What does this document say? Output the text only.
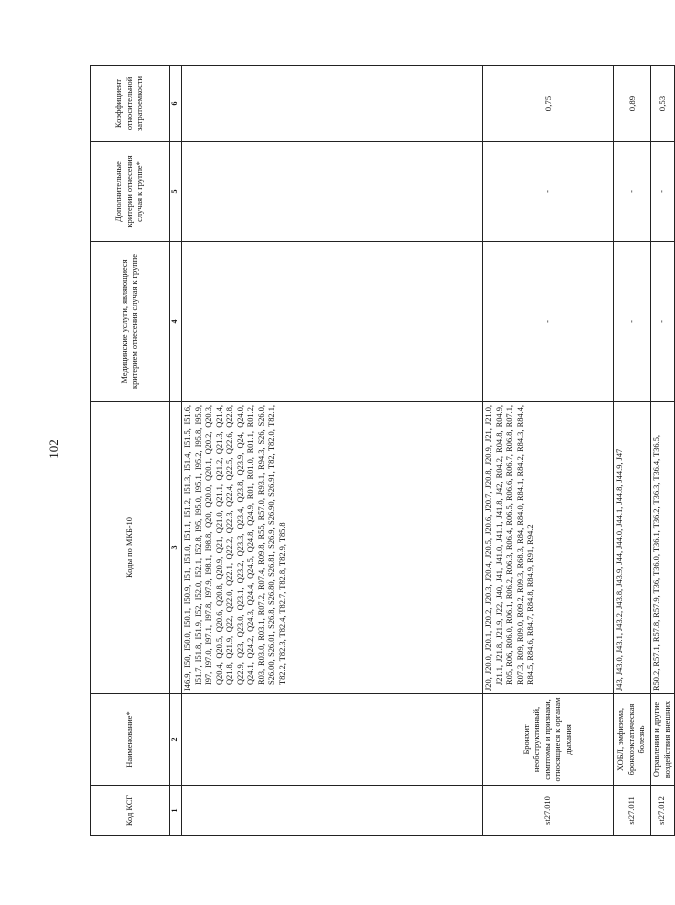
102
Код КСГ	Наименование*	Коды по МКБ-10	Медицинские услуги, являющиеся критерием отнесения случая к группе	Дополнительные критерии отнесения случая к группе*	Коэффициент относительной затратоемкости
1	2	3	4	5	6
		I46.9, I50, I50.0, I50.1, I50.9, I51, I51.0, I51.1, I51.2, I51.3, I51.4, I51.5, I51.6, I51.7, I51.8, I51.9, I52, I52.0, I52.1, I52.8, I95, I95.0, I95.1, I95.2, I95.8, I95.9, I97, I97.0, I97.1, I97.8, I97.9, I98.1, I98.8, Q20, Q20.0, Q20.1, Q20.2, Q20.3, Q20.4, Q20.5, Q20.6, Q20.8, Q20.9, Q21, Q21.0, Q21.1, Q21.2, Q21.3, Q21.4, Q21.8, Q21.9, Q22, Q22.0, Q22.1, Q22.2, Q22.3, Q22.4, Q22.5, Q22.6, Q22.8, Q22.9, Q23, Q23.0, Q23.1, Q23.2, Q23.3, Q23.4, Q23.8, Q23.9, Q24, Q24.0, Q24.1, Q24.2, Q24.3, Q24.4, Q24.5, Q24.8, Q24.9, R01, R01.0, R01.1, R01.2, R03, R03.0, R03.1, R07.2, R07.4, R09.8, R55, R57.0, R93.1, R94.3, S26, S26.0, S26.00, S26.01, S26.8, S26.80, S26.81, S26.9, S26.90, S26.91, T82, T82.0, T82.1, T82.2, T82.3, T82.4, T82.7, T82.8, T82.9, T85.8			
st27.010	Бронхит необструктивный, симптомы и признаки, относящиеся к органам дыхания	J20, J20.0, J20.1, J20.2, J20.3, J20.4, J20.5, J20.6, J20.7, J20.8, J20.9, J21, J21.0, J21.1, J21.8, J21.9, J22, J40, J41, J41.0, J41.1, J41.8, J42, R04.2, R04.8, R04.9, R05, R06, R06.0, R06.1, R06.2, R06.3, R06.4, R06.5, R06.6, R06.7, R06.8, R07.1, R07.3, R09, R09.0, R09.2, R09.3, R68.3, R84, R84.0, R84.1, R84.2, R84.3, R84.4, R84.5, R84.6, R84.7, R84.8, R84.9, R91, R94.2	-	-	0,75
st27.011	ХОБЛ, эмфизема, бронхоэктатическая болезнь	J43, J43.0, J43.1, J43.2, J43.8, J43.9, J44, J44.0, J44.1, J44.8, J44.9, J47	-	-	0,89
st27.012	Отравления и другие воздействия внешних	R50.2, R57.1, R57.8, R57.9, T36, T36.0, T36.1, T36.2, T36.3, T36.4, T36.5,	-	-	0,53
